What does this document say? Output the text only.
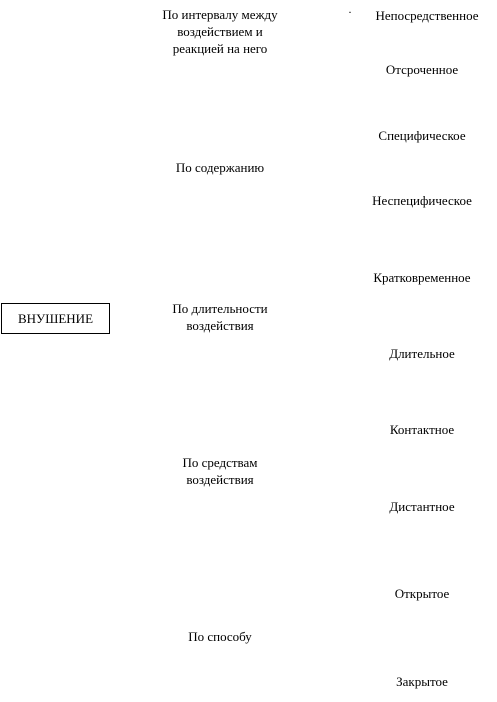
ВНУШЕНИЕ
По интервалу между
воздействием и
реакцией на него
По содержанию
По длительности
воздействия
По средствам
воздействия
По способу
·	Непосредственное
Отсроченное
Специфическое
Неспецифическое
Кратковременное
Длительное
Контактное
Дистантное
Открытое
Закрытое
